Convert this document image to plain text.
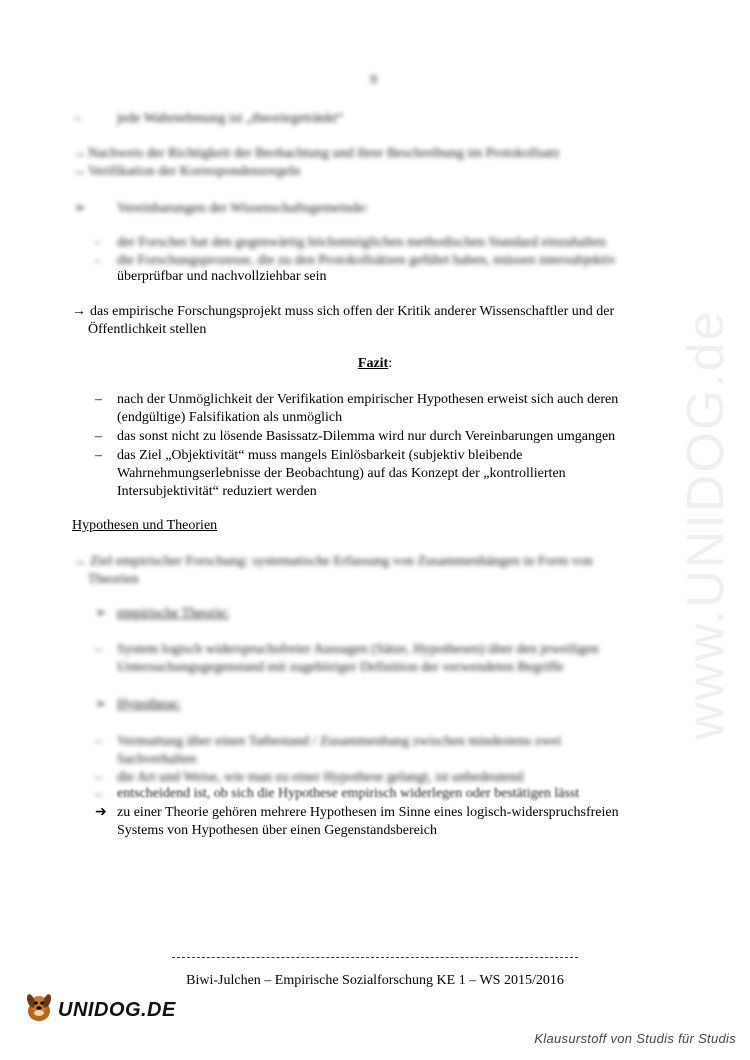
9
–	jede Wahrnehmung ist „theoriegetränkt“
→ Nachweis der Richtigkeit der Beobachtung und ihrer Beschreibung im Protokollsatz
→ Verifikation der Korrespondenzregeln
➢ Vereinbarungen der Wissenschaftsgemeinde:
- der Forscher hat den gegenwärtig höchstmöglichen methodischen Standard einzuhalten
- die Forschungsprozesse, die zu den Protokollsätzen geführt haben, müssen intersubjektiv
überprüfbar und nachvollziehbar sein
→ das empirische Forschungsprojekt muss sich offen der Kritik anderer Wissenschaftler und der
Öffentlichkeit stellen
Fazit:
– nach der Unmöglichkeit der Verifikation empirischer Hypothesen erweist sich auch deren
(endgültige) Falsifikation als unmöglich
– das sonst nicht zu lösende Basissatz-Dilemma wird nur durch Vereinbarungen umgangen
– das Ziel „Objektivität“ muss mangels Einlösbarkeit (subjektiv bleibende
Wahrnehmungserlebnisse der Beobachtung) auf das Konzept der „kontrollierten
Intersubjektivität“ reduziert werden
Hypothesen und Theorien
→ Ziel empirischer Forschung: systematische Erfassung von Zusammenhängen in Form von
Theorien
➢ empirische Theorie:
– System logisch widerspruchsfreier Aussagen (Sätze, Hypothesen) über den jeweiligen
Untersuchungsgegenstand mit zugehöriger Definition der verwendeten Begriffe
➢ Hypothese:
– Vermuttung über einen Tatbestand / Zusammenhang zwischen mindestens zwei
Sachverhalten
– die Art und Weise, wie man zu einer Hypothese gelangt, ist unbedeutend
– entscheidend ist, ob sich die Hypothese empirisch widerlegen oder bestätigen lässt
➔ zu einer Theorie gehören mehrere Hypothesen im Sinne eines logisch-widerspruchsfreien
Systems von Hypothesen über einen Gegenstandsbereich
www.UNIDOG.de
Biwi-Julchen – Empirische Sozialforschung KE 1 – WS 2015/2016
UNIDOG.DE
Klausurstoff von Studis für Studis
